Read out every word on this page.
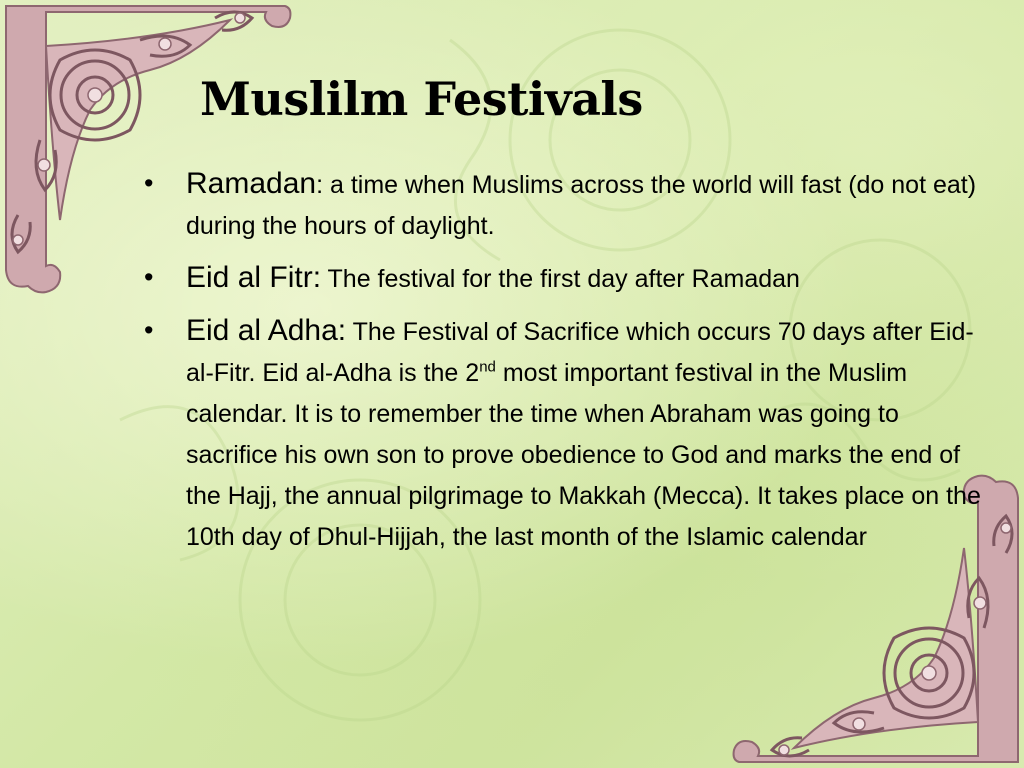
Muslilm Festivals
• Ramadan: a time when Muslims across the world will fast (do not eat) during the hours of daylight.
• Eid al Fitr: The festival for the first day after Ramadan
• Eid al Adha: The Festival of Sacrifice which occurs 70 days after Eid-al-Fitr. Eid al-Adha is the 2nd most important festival in the Muslim calendar. It is to remember the time when Abraham was going to sacrifice his own son to prove obedience to God and marks the end of the Hajj, the annual pilgrimage to Makkah (Mecca). It takes place on the 10th day of Dhul-Hijjah, the last month of the Islamic calendar
